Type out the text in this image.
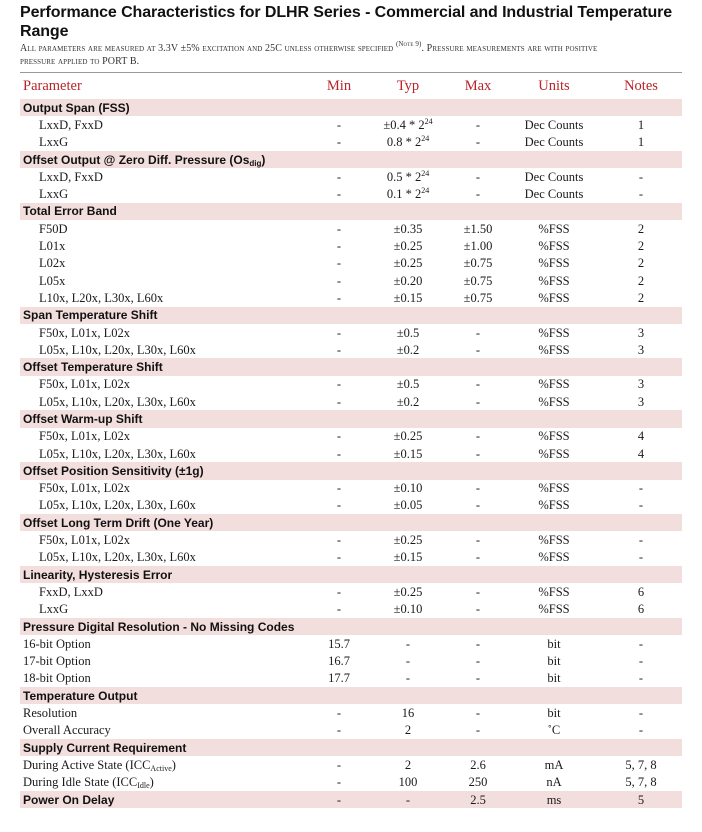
Performance Characteristics for DLHR Series - Commercial and Industrial Temperature Range
All parameters are measured at 3.3V ±5% excitation and 25C unless otherwise specified $^{(Note 9)}$. Pressure measurements are with positive
pressure applied to PORT B.
Parameter	Min	Typ	Max	Units	Notes
Output Span (FSS)					
LxxD, FxxD	-	$\pm 0.4 * 2^{24}$	-	Dec Counts	1
LxxG	-	$0.8 * 2^{24}$	-	Dec Counts	1
Offset Output @ Zero Diff. Pressure $(Os_{dig})$					
LxxD, FxxD	-	$0.5 * 2^{24}$	-	Dec Counts	-
LxxG	-	$0.1 * 2^{24}$	-	Dec Counts	-
Total Error Band					
F50D	-	±0.35	±1.50	%FSS	2
L01x	-	±0.25	±1.00	%FSS	2
L02x	-	±0.25	±0.75	%FSS	2
L05x	-	±0.20	±0.75	%FSS	2
L10x, L20x, L30x, L60x	-	±0.15	±0.75	%FSS	2
Span Temperature Shift					
F50x, L01x, L02x	-	±0.5	-	%FSS	3
L05x, L10x, L20x, L30x, L60x	-	±0.2	-	%FSS	3
Offset Temperature Shift					
F50x, L01x, L02x	-	±0.5	-	%FSS	3
L05x, L10x, L20x, L30x, L60x	-	±0.2	-	%FSS	3
Offset Warm-up Shift					
F50x, L01x, L02x	-	±0.25	-	%FSS	4
L05x, L10x, L20x, L30x, L60x	-	±0.15	-	%FSS	4
Offset Position Sensitivity (±1g)					
F50x, L01x, L02x	-	±0.10	-	%FSS	-
L05x, L10x, L20x, L30x, L60x	-	±0.05	-	%FSS	-
Offset Long Term Drift (One Year)					
F50x, L01x, L02x	-	±0.25	-	%FSS	-
L05x, L10x, L20x, L30x, L60x	-	±0.15	-	%FSS	-
Linearity, Hysteresis Error					
FxxD, LxxD	-	±0.25	-	%FSS	6
LxxG	-	±0.10	-	%FSS	6
Pressure Digital Resolution - No Missing Codes					
16-bit Option	15.7	-	-	bit	-
17-bit Option	16.7	-	-	bit	-
18-bit Option	17.7	-	-	bit	-
Temperature Output					
Resolution	-	16	-	bit	-
Overall Accuracy	-	2	-	˚C	-
Supply Current Requirement					
During Active State $(ICC_{Active})$	-	2	2.6	mA	5, 7, 8
During Idle State $(ICC_{Idle})$	-	100	250	nA	5, 7, 8
Power On Delay	-	-	2.5	ms	5
